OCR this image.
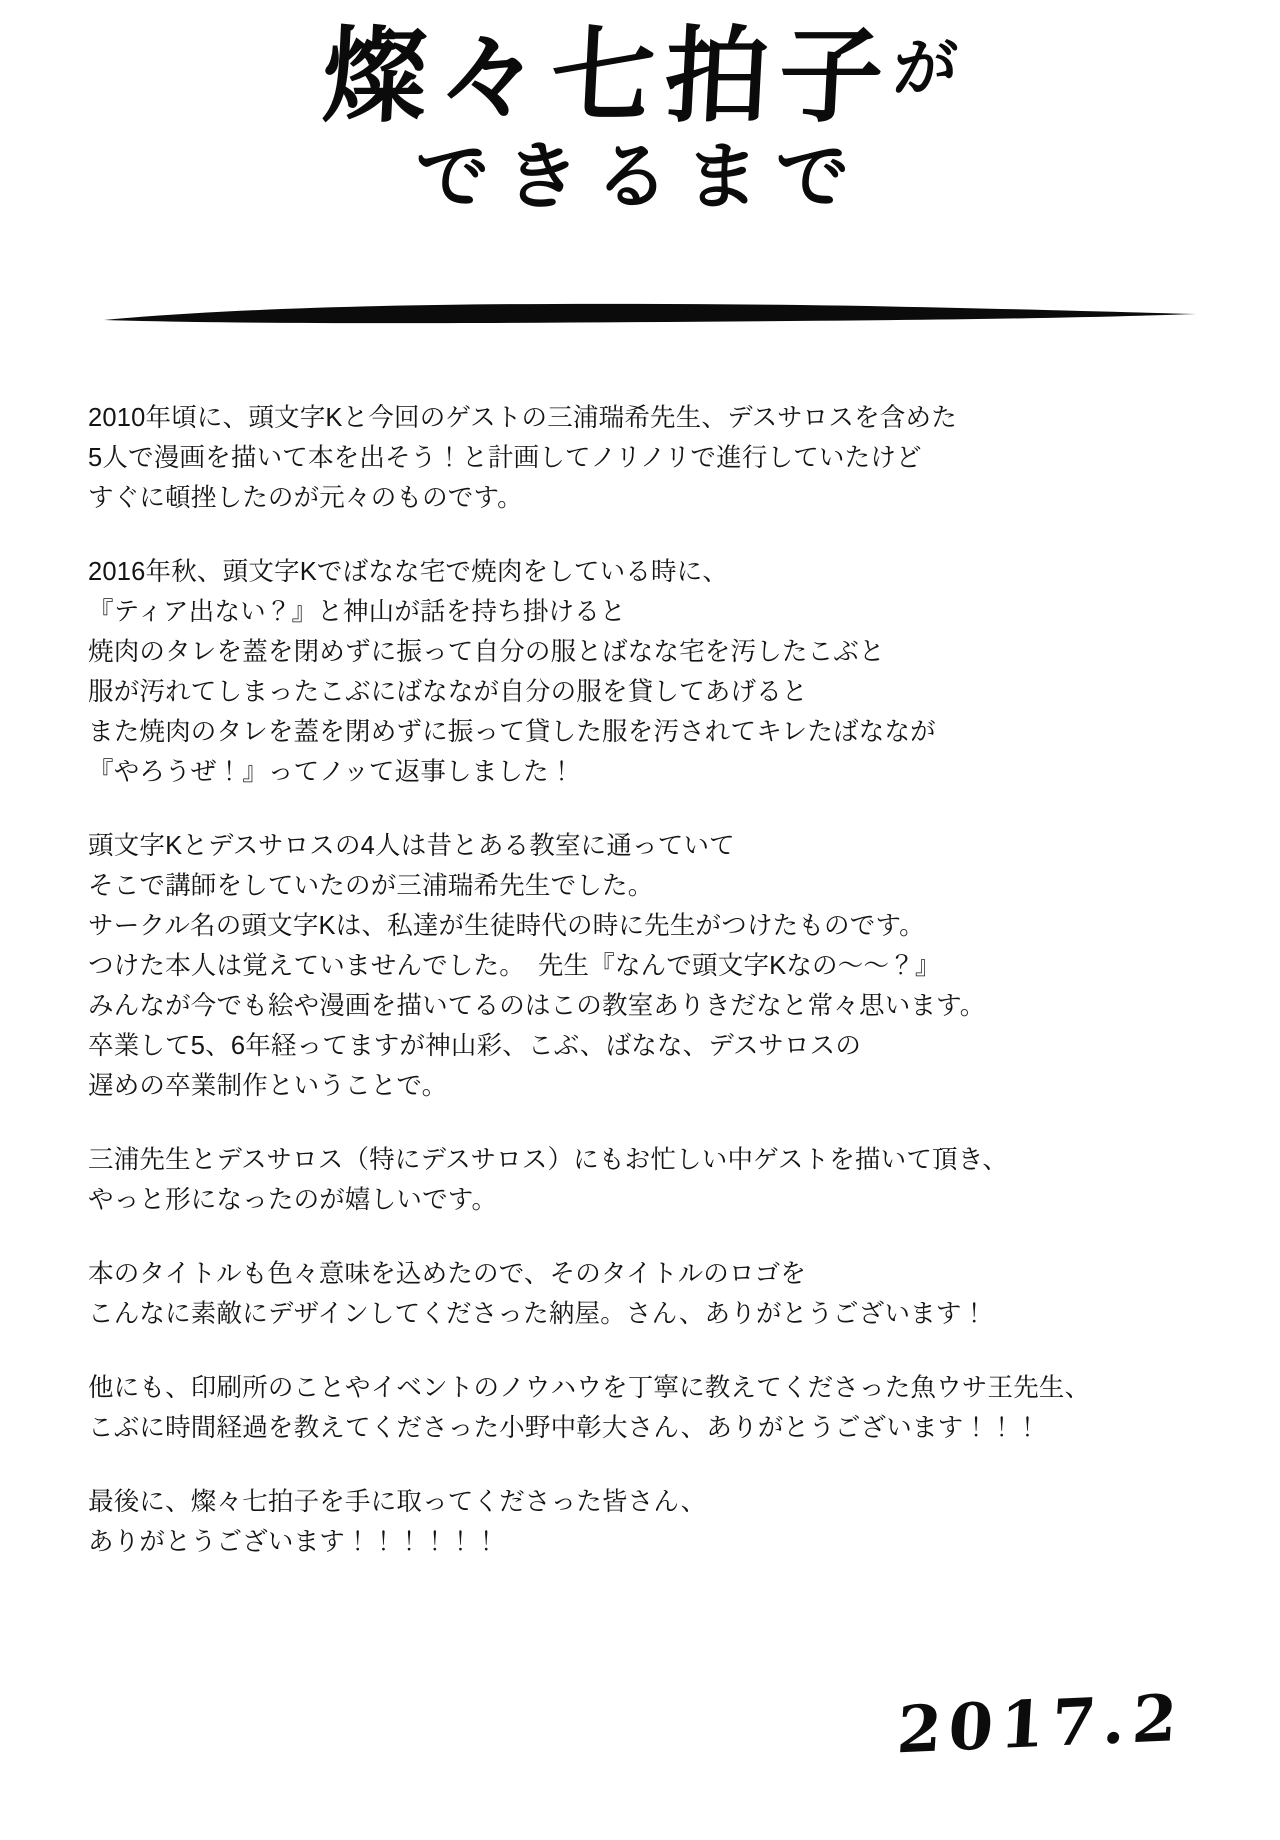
燦々七拍子$^が$
できるまで

2010年頃に、頭文字Kと今回のゲストの三浦瑞希先生、デスサロスを含めた
5人で漫画を描いて本を出そう！と計画してノリノリで進行していたけど
すぐに頓挫したのが元々のものです。

2016年秋、頭文字Kでばなな宅で焼肉をしている時に、
『ティア出ない？』と神山が話を持ち掛けると
焼肉のタレを蓋を閉めずに振って自分の服とばなな宅を汚したこぶと
服が汚れてしまったこぶにばななが自分の服を貸してあげると
また焼肉のタレを蓋を閉めずに振って貸した服を汚されてキレたばななが
『やろうぜ！』ってノッて返事しました！

頭文字Kとデスサロスの4人は昔とある教室に通っていて
そこで講師をしていたのが三浦瑞希先生でした。
サークル名の頭文字Kは、私達が生徒時代の時に先生がつけたものです。
つけた本人は覚えていませんでした。　先生『なんで頭文字Kなの〜〜？』
みんなが今でも絵や漫画を描いてるのはこの教室ありきだなと常々思います。
卒業して5、6年経ってますが神山彩、こぶ、ばなな、デスサロスの
遅めの卒業制作ということで。

三浦先生とデスサロス（特にデスサロス）にもお忙しい中ゲストを描いて頂き、
やっと形になったのが嬉しいです。

本のタイトルも色々意味を込めたので、そのタイトルのロゴを
こんなに素敵にデザインしてくださった納屋。さん、ありがとうございます！

他にも、印刷所のことやイベントのノウハウを丁寧に教えてくださった魚ウサ王先生、
こぶに時間経過を教えてくださった小野中彰大さん、ありがとうございます！！！

最後に、燦々七拍子を手に取ってくださった皆さん、
ありがとうございます！！！！！！

2017.2
